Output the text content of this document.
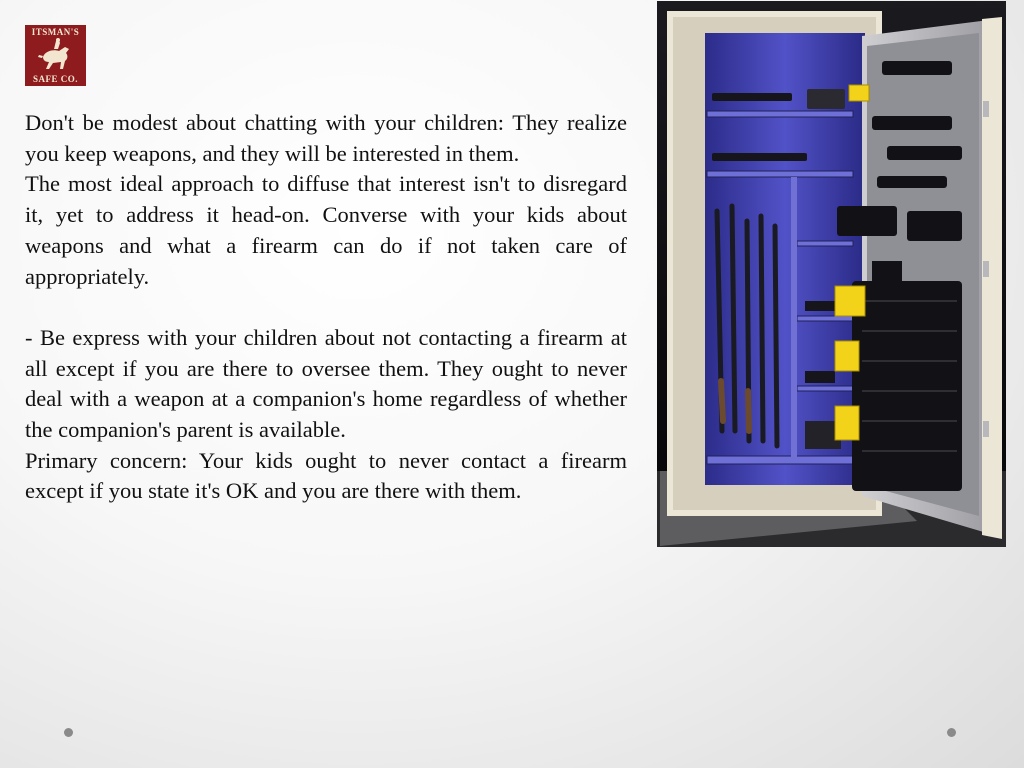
ITSMAN'S
SAFE CO.

Don't be modest about chatting with your children: They realize you keep weapons, and they will be interested in them.

The most ideal approach to diffuse that interest isn't to disregard it, yet to address it head-on. Converse with your kids about weapons and what a firearm can do if not taken care of appropriately.

- Be express with your children about not contacting a firearm at all except if you are there to oversee them. They ought to never deal with a weapon at a companion's home regardless of whether the companion's parent is available.

Primary concern: Your kids ought to never contact a firearm except if you state it's OK and you are there with them.
